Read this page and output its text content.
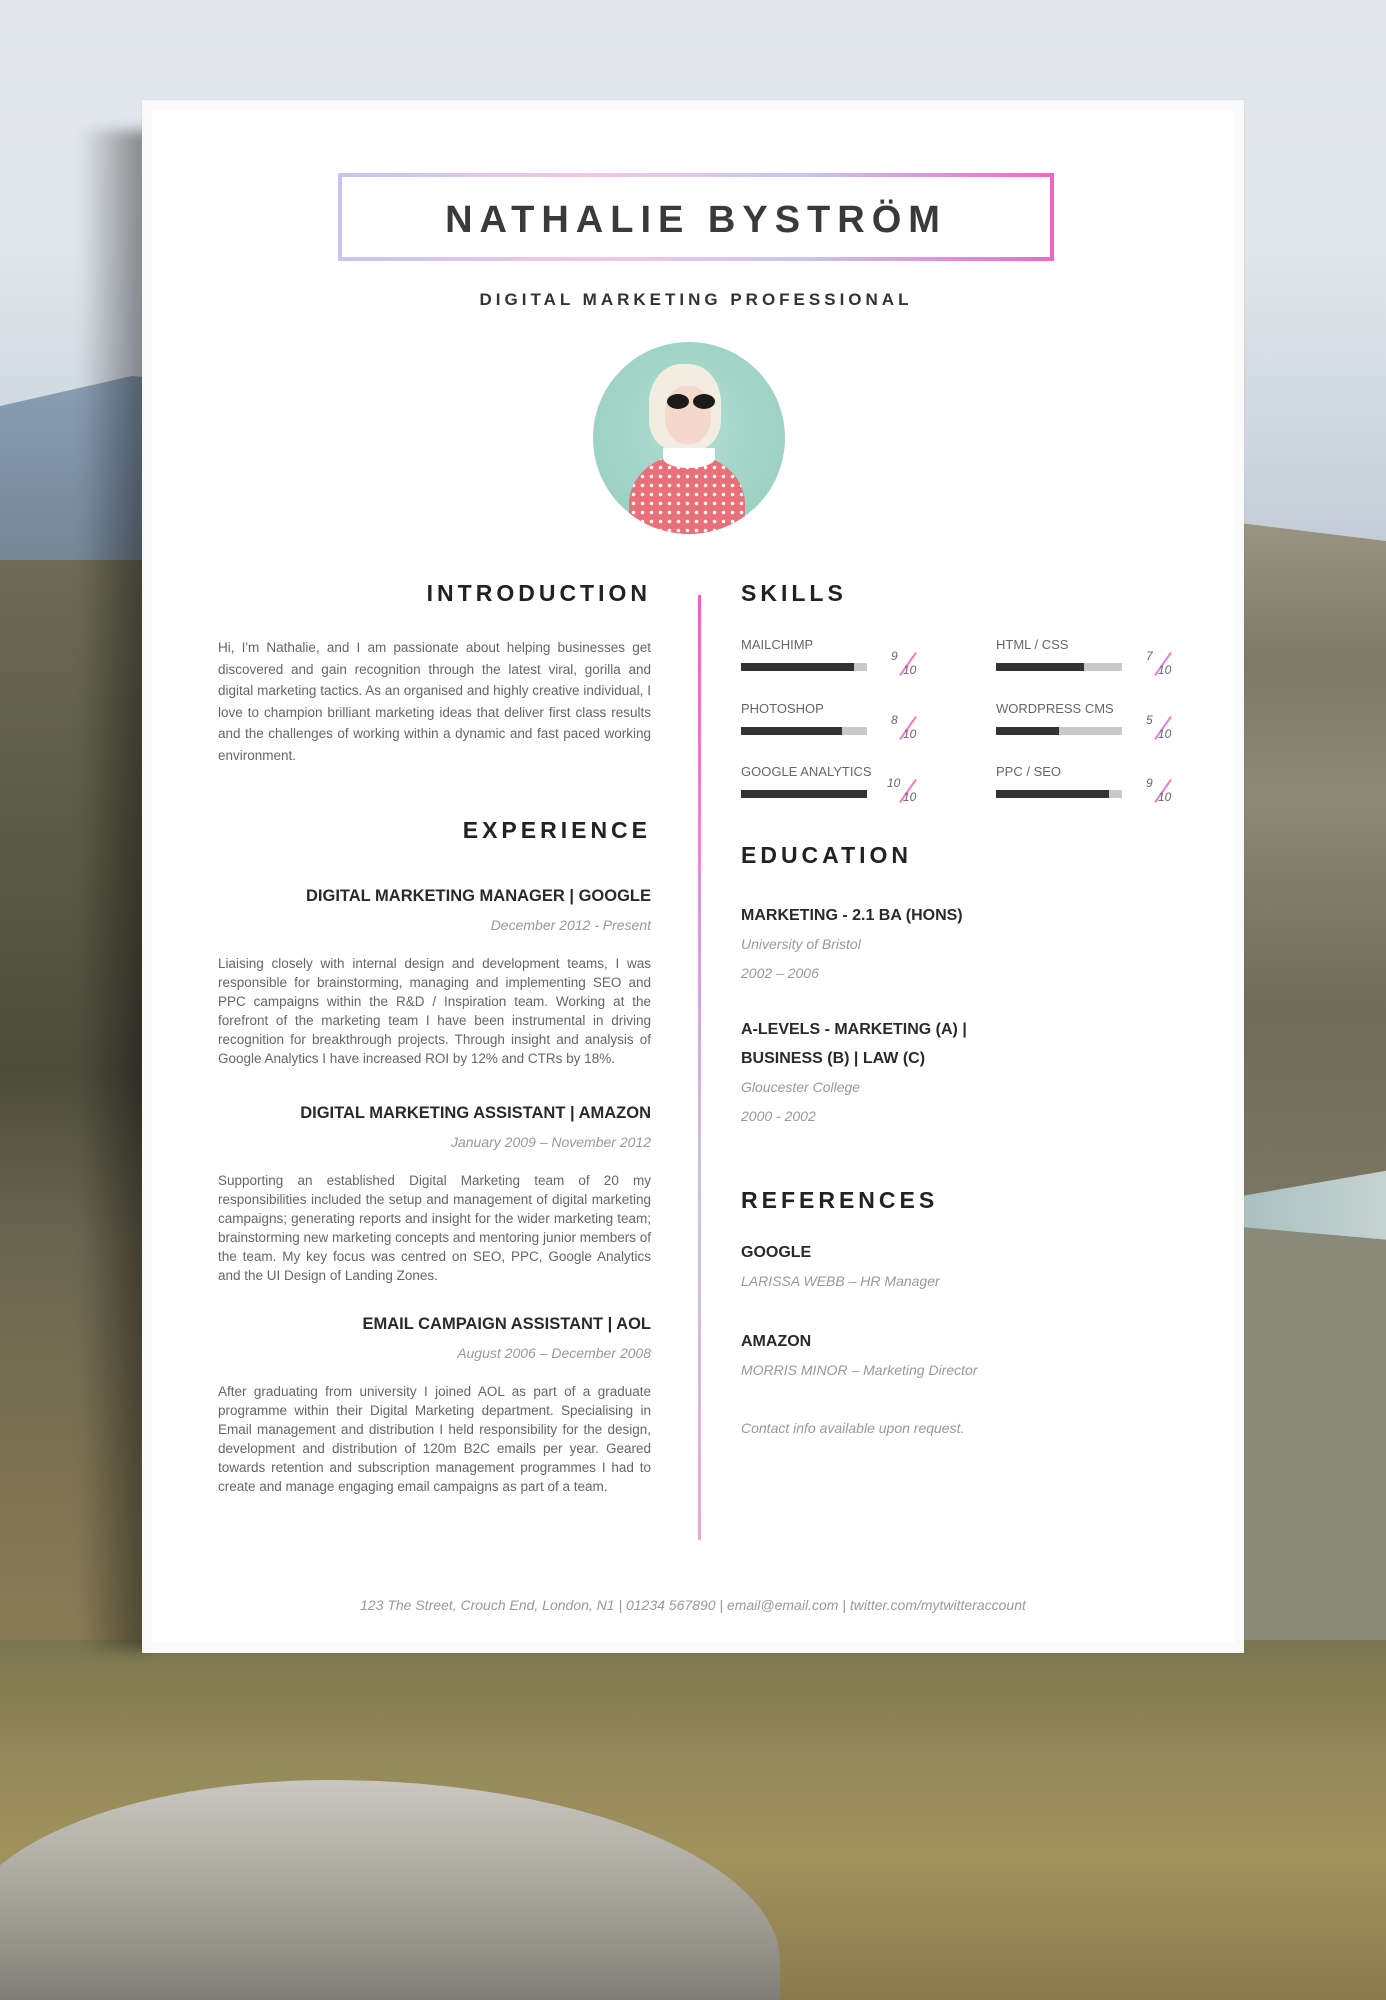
NATHALIE BYSTRÖM
DIGITAL MARKETING PROFESSIONAL
INTRODUCTION
Hi, I'm Nathalie, and I am passionate about helping businesses get discovered and gain recognition through the latest viral, gorilla and digital marketing tactics. As an organised and highly creative individual, I love to champion brilliant marketing ideas that deliver first class results and the challenges of working within a dynamic and fast paced working environment.
EXPERIENCE
DIGITAL MARKETING MANAGER | GOOGLE
December 2012 - Present
Liaising closely with internal design and development teams, I was responsible for brainstorming, managing and implementing SEO and PPC campaigns within the R&D / Inspiration team. Working at the forefront of the marketing team I have been instrumental in driving recognition for breakthrough projects. Through insight and analysis of Google Analytics I have increased ROI by 12% and CTRs by 18%.
DIGITAL MARKETING ASSISTANT | AMAZON
January 2009 – November 2012
Supporting an established Digital Marketing team of 20 my responsibilities included the setup and management of digital marketing campaigns; generating reports and insight for the wider marketing team; brainstorming new marketing concepts and mentoring junior members of the team. My key focus was centred on SEO, PPC, Google Analytics and the UI Design of Landing Zones.
EMAIL CAMPAIGN ASSISTANT | AOL
August 2006 – December 2008
After graduating from university I joined AOL as part of a graduate programme within their Digital Marketing department. Specialising in Email management and distribution I held responsibility for the design, development and distribution of 120m B2C emails per year. Geared towards retention and subscription management programmes I had to create and manage engaging email campaigns as part of a team.
SKILLS
MAILCHIMP
9
10
HTML / CSS
7
10
PHOTOSHOP
8
10
WORDPRESS CMS
5
10
GOOGLE ANALYTICS
10
10
PPC / SEO
9
10
EDUCATION
MARKETING - 2.1 BA (HONS)
University of Bristol
2002 – 2006
A-LEVELS - MARKETING (A) |
BUSINESS (B) | LAW (C)
Gloucester College
2000 - 2002
REFERENCES
GOOGLE
LARISSA WEBB – HR Manager
AMAZON
MORRIS MINOR – Marketing Director
Contact info available upon request.
123 The Street, Crouch End, London, N1 | 01234 567890 | email@email.com | twitter.com/mytwitteraccount
